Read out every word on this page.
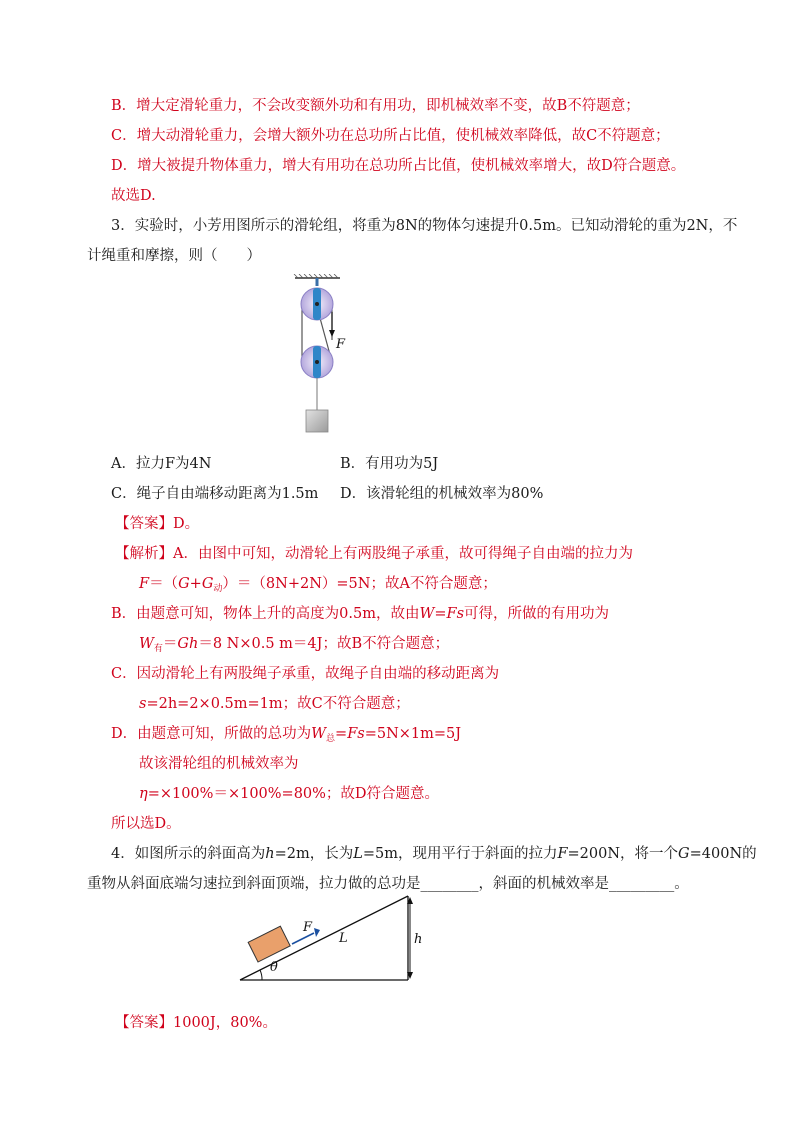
B．增大定滑轮重力，不会改变额外功和有用功，即机械效率不变，故B不符题意；
C．增大动滑轮重力，会增大额外功在总功所占比值，使机械效率降低，故C不符题意；
D．增大被提升物体重力，增大有用功在总功所占比值，使机械效率增大，故D符合题意。
故选D.
3．实验时，小芳用图所示的滑轮组，将重为8N的物体匀速提升0.5m。已知动滑轮的重为2N，不
计绳重和摩擦，则（　　）
F
A．拉力F为4N	B．有用功为5J
C．绳子自由端移动距离为1.5m D．该滑轮组的机械效率为80%
【答案】D。
【解析】A．由图中可知，动滑轮上有两股绳子承重，故可得绳子自由端的拉力为
$F=(G+G_动)=(8N+2N)=5N$；故A不符合题意；
B．由题意可知，物体上升的高度为0.5m，故由W=Fs可得，所做的有用功为
$W_有=Gh=8$ N×0.5 m＝4J；故B不符合题意；
C．因动滑轮上有两股绳子承重，故绳子自由端的移动距离为
s=2h=2×0.5m=1m；故C不符合题意；
D．由题意可知，所做的总功为$W_总=Fs=5N\times 1m=5J$
故该滑轮组的机械效率为
η=×100%＝×100%=80%；故D符合题意。
所以选D。
4．如图所示的斜面高为h=2m，长为L=5m，现用平行于斜面的拉力F=200N，将一个G=400N的
重物从斜面底端匀速拉到斜面顶端，拉力做的总功是________，斜面的机械效率是_________。
F
L	h
θ
【答案】1000J，80%。
